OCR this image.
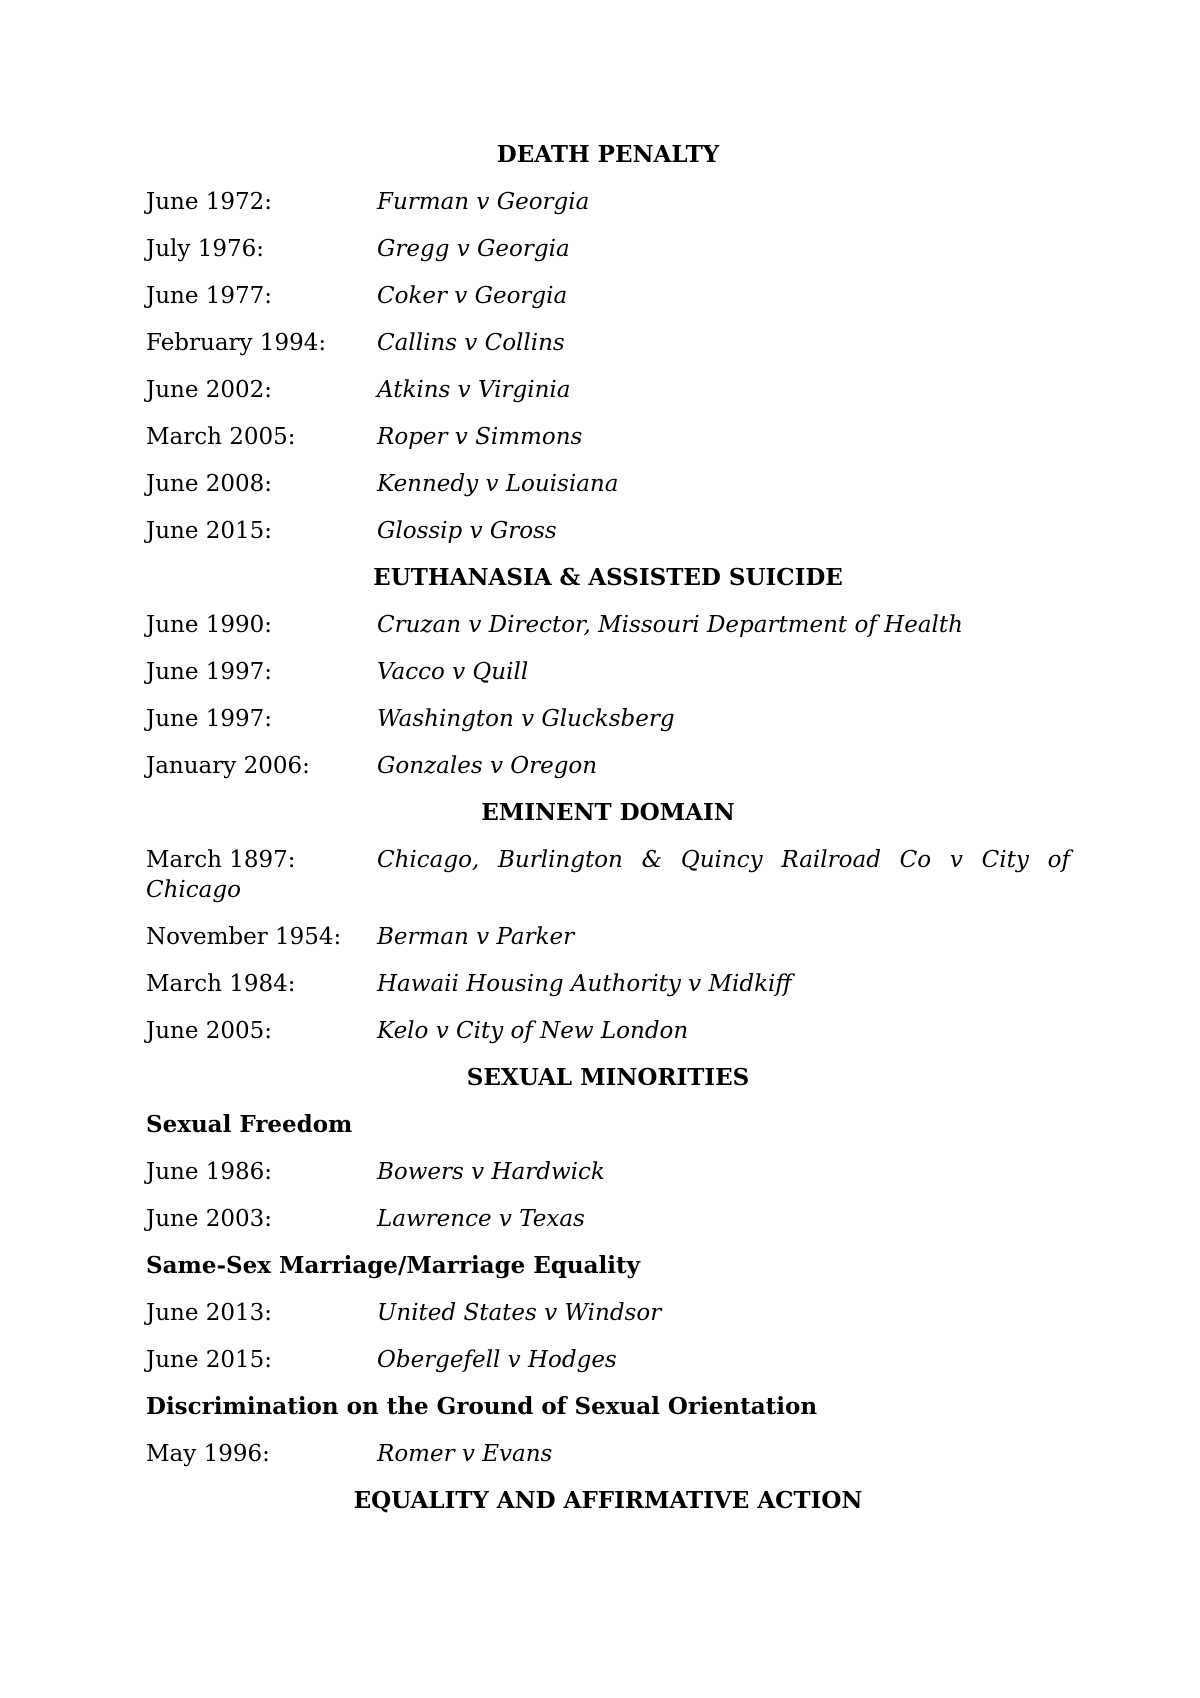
DEATH PENALTY
June 1972:	Furman v Georgia
July 1976:	Gregg v Georgia
June 1977:	Coker v Georgia
February 1994:	Callins v Collins
June 2002:	Atkins v Virginia
March 2005:	Roper v Simmons
June 2008:	Kennedy v Louisiana
June 2015:	Glossip v Gross
EUTHANASIA & ASSISTED SUICIDE
June 1990:	Cruzan v Director, Missouri Department of Health
June 1997:	Vacco v Quill
June 1997:	Washington v Glucksberg
January 2006:	Gonzales v Oregon
EMINENT DOMAIN
March 1897:	Chicago, Burlington & Quincy Railroad Co v City of
Chicago
November 1954:	Berman v Parker
March 1984:	Hawaii Housing Authority v Midkiff
June 2005:	Kelo v City of New London
SEXUAL MINORITIES
Sexual Freedom
June 1986:	Bowers v Hardwick
June 2003:	Lawrence v Texas
Same-Sex Marriage/Marriage Equality
June 2013:	United States v Windsor
June 2015:	Obergefell v Hodges
Discrimination on the Ground of Sexual Orientation
May 1996:	Romer v Evans
EQUALITY AND AFFIRMATIVE ACTION
